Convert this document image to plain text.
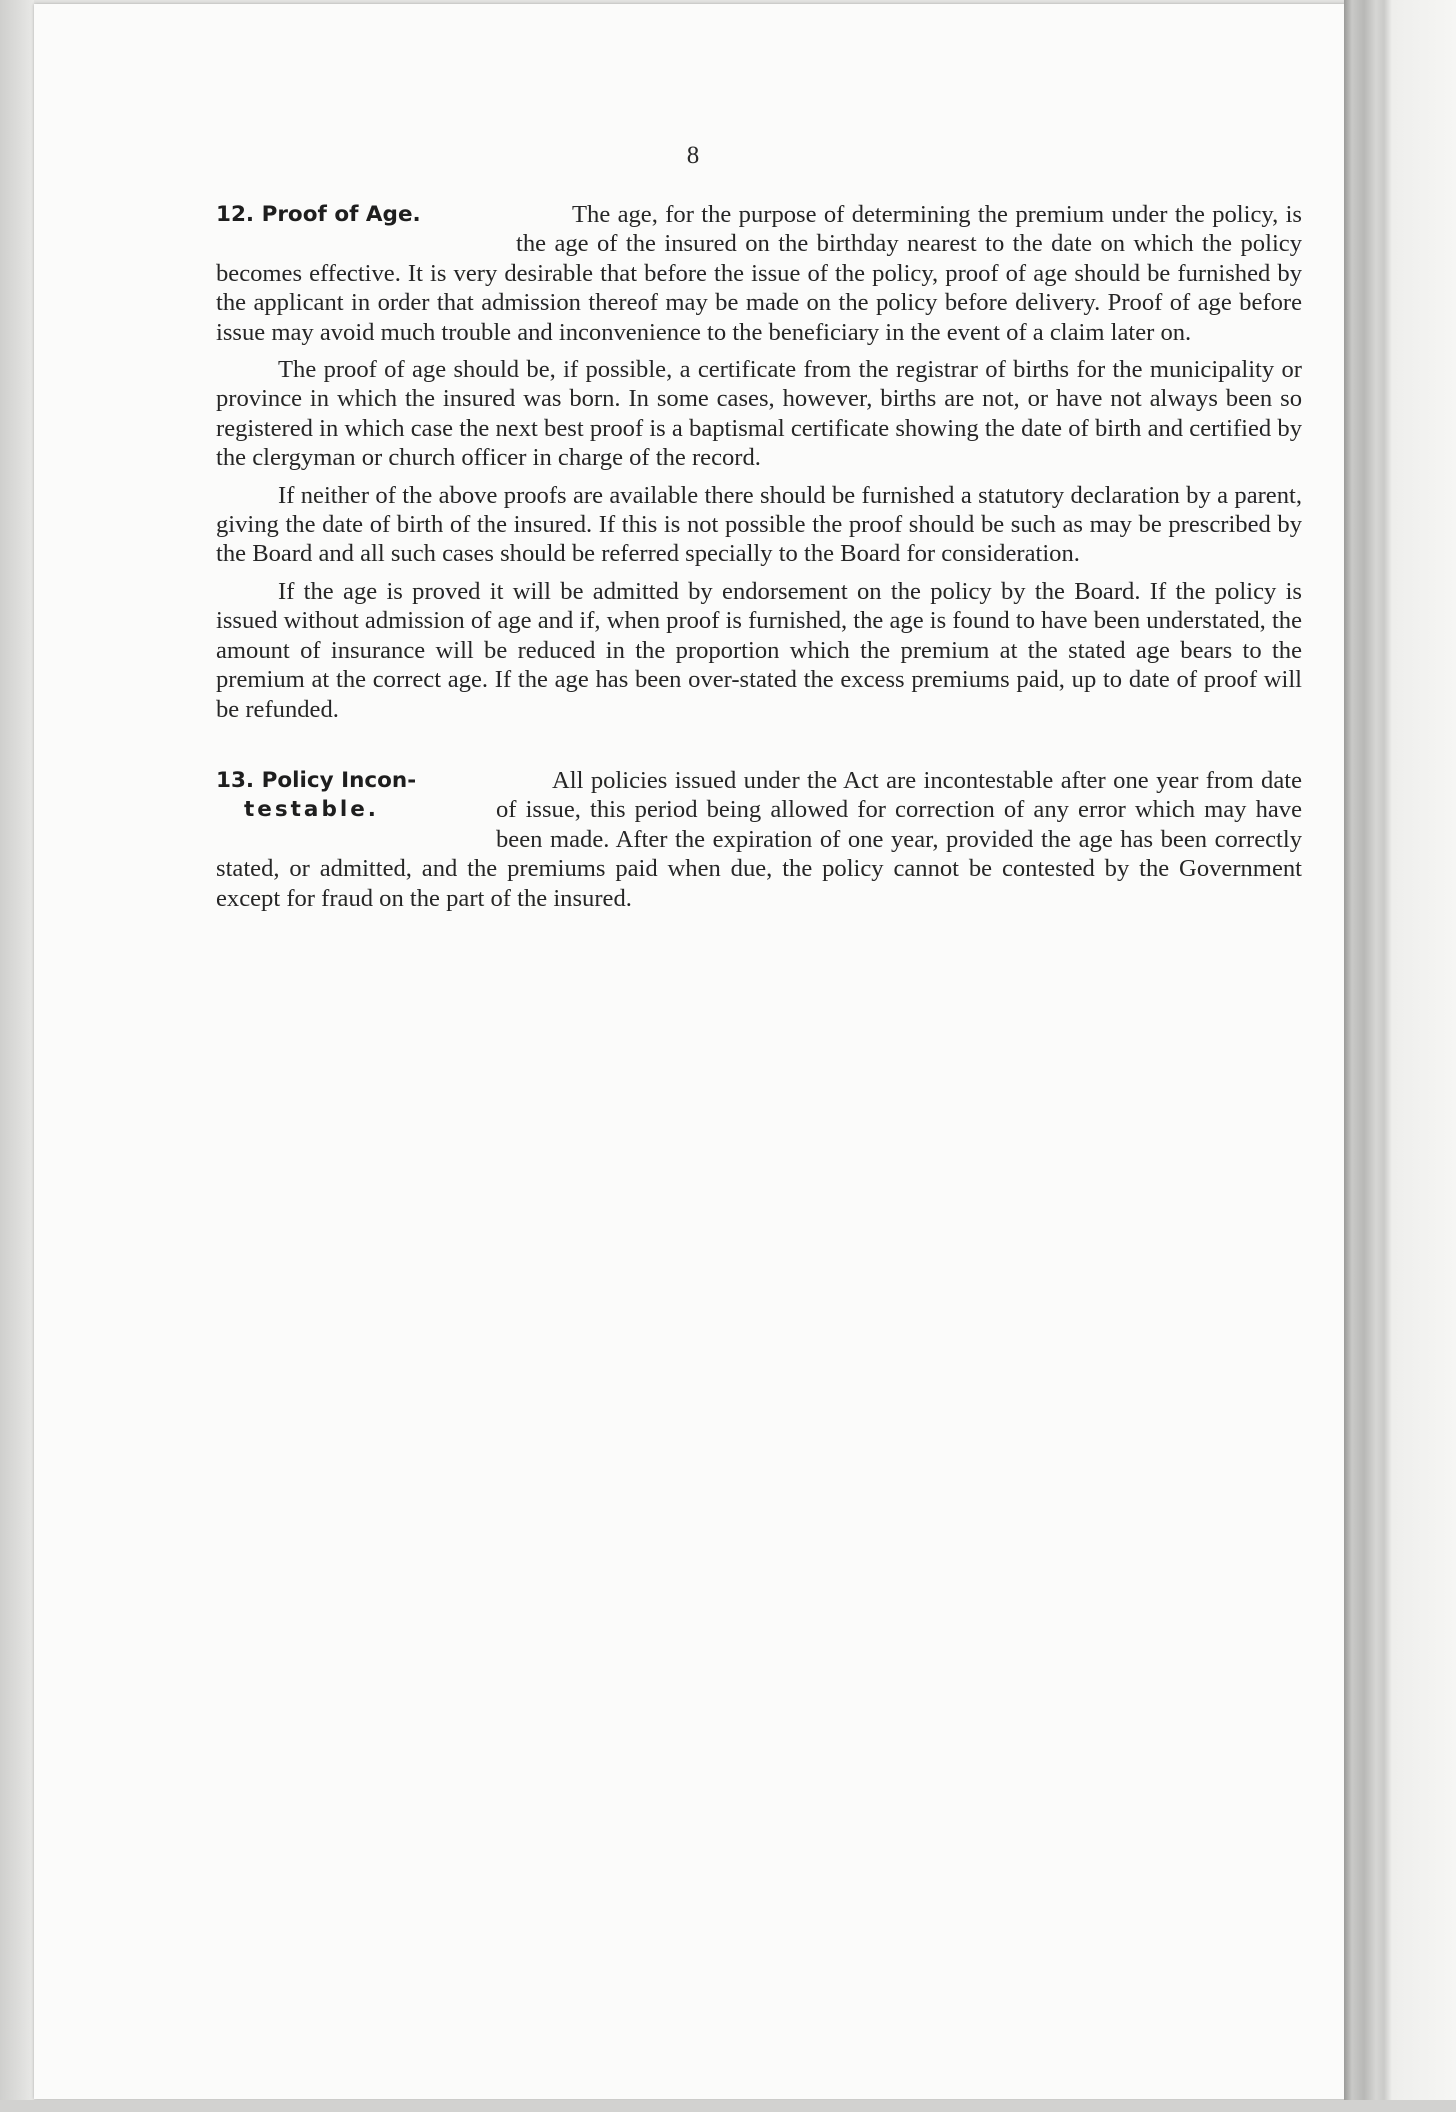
8
12. Proof of Age.	The age, for the purpose of determining the premium under the policy, is the age of the insured on the birthday nearest to the date on which the policy becomes effective. It is very desirable that before the issue of the policy, proof of age should be furnished by the applicant in order that admission thereof may be made on the policy before delivery. Proof of age before issue may avoid much trouble and inconvenience to the beneficiary in the event of a claim later on.

The proof of age should be, if possible, a certificate from the registrar of births for the municipality or province in which the insured was born. In some cases, however, births are not, or have not always been so registered in which case the next best proof is a baptismal certificate showing the date of birth and certified by the clergyman or church officer in charge of the record.

If neither of the above proofs are available there should be furnished a statutory declaration by a parent, giving the date of birth of the insured. If this is not possible the proof should be such as may be prescribed by the Board and all such cases should be referred specially to the Board for consideration.

If the age is proved it will be admitted by endorsement on the policy by the Board. If the policy is issued without admission of age and if, when proof is furnished, the age is found to have been understated, the amount of insurance will be reduced in the proportion which the premium at the stated age bears to the premium at the correct age. If the age has been over-stated the excess premiums paid, up to date of proof will be refunded.

13. Policy Incon-
testable.

All policies issued under the Act are incontestable after one year from date of issue, this period being allowed for correction of any error which may have been made. After the expiration of one year, provided the age has been correctly stated, or admitted, and the premiums paid when due, the policy cannot be contested by the Government except for fraud on the part of the insured.
